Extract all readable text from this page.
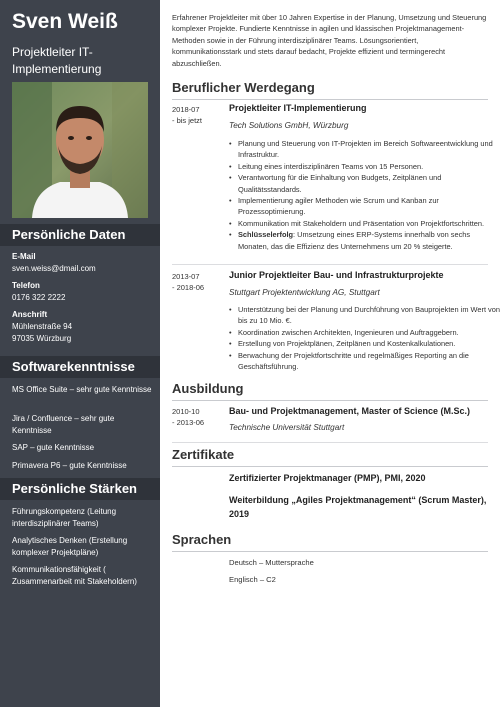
Sven Weiß
Projektleiter IT-Implementierung
Persönliche Daten
E-Mail
sven.weiss@dmail.com
Telefon
0176 322 2222
Anschrift
Mühlenstraße 94
97035 Würzburg
Softwarekenntnisse
MS Office Suite – sehr gute Kenntnisse
Jira / Confluence – sehr gute Kenntnisse
SAP – gute Kenntnisse
Primavera P6 – gute Kenntnisse
Persönliche Stärken
Führungskompetenz (Leitung interdisziplinärer Teams)
Analytisches Denken (Erstellung komplexer Projektpläne)
Kommunikationsfähigkeit ( Zusammenarbeit mit Stakeholdern)
Erfahrener Projektleiter mit über 10 Jahren Expertise in der Planung, Umsetzung und Steuerung komplexer Projekte. Fundierte Kenntnisse in agilen und klassischen Projektmanagement-Methoden sowie in der Führung interdisziplinärer Teams. Lösungsorientiert, kommunikationsstark und stets darauf bedacht, Projekte effizient und termingerecht abzuschließen.
Beruflicher Werdegang
2018-07
- bis jetzt
Projektleiter IT-Implementierung
Tech Solutions GmbH, Würzburg
• Planung und Steuerung von IT-Projekten im Bereich Softwareentwicklung und Infrastruktur.
• Leitung eines interdisziplinären Teams von 15 Personen.
• Verantwortung für die Einhaltung von Budgets, Zeitplänen und Qualitätsstandards.
• Implementierung agiler Methoden wie Scrum und Kanban zur Prozessoptimierung.
• Kommunikation mit Stakeholdern und Präsentation von Projektfortschritten.
• Schlüsselerfolg: Umsetzung eines ERP-Systems innerhalb von sechs Monaten, das die Effizienz des Unternehmens um 20 % steigerte.
2013-07
- 2018-06
Junior Projektleiter Bau- und Infrastrukturprojekte
Stuttgart Projektentwicklung AG, Stuttgart
• Unterstützung bei der Planung und Durchführung von Bauprojekten im Wert von bis zu 10 Mio. €.
• Koordination zwischen Architekten, Ingenieuren und Auftraggebern.
• Erstellung von Projektplänen, Zeitplänen und Kostenkalkulationen.
• Berwachung der Projektfortschritte und regelmäßiges Reporting an die Geschäftsführung.
Ausbildung
2010-10
- 2013-06
Bau- und Projektmanagement, Master of Science (M.Sc.)
Technische Universität Stuttgart
Zertifikate
Zertifizierter Projektmanager (PMP), PMI, 2020
Weiterbildung „Agiles Projektmanagement“ (Scrum Master), 2019
Sprachen
Deutsch – Muttersprache
Englisch – C2
